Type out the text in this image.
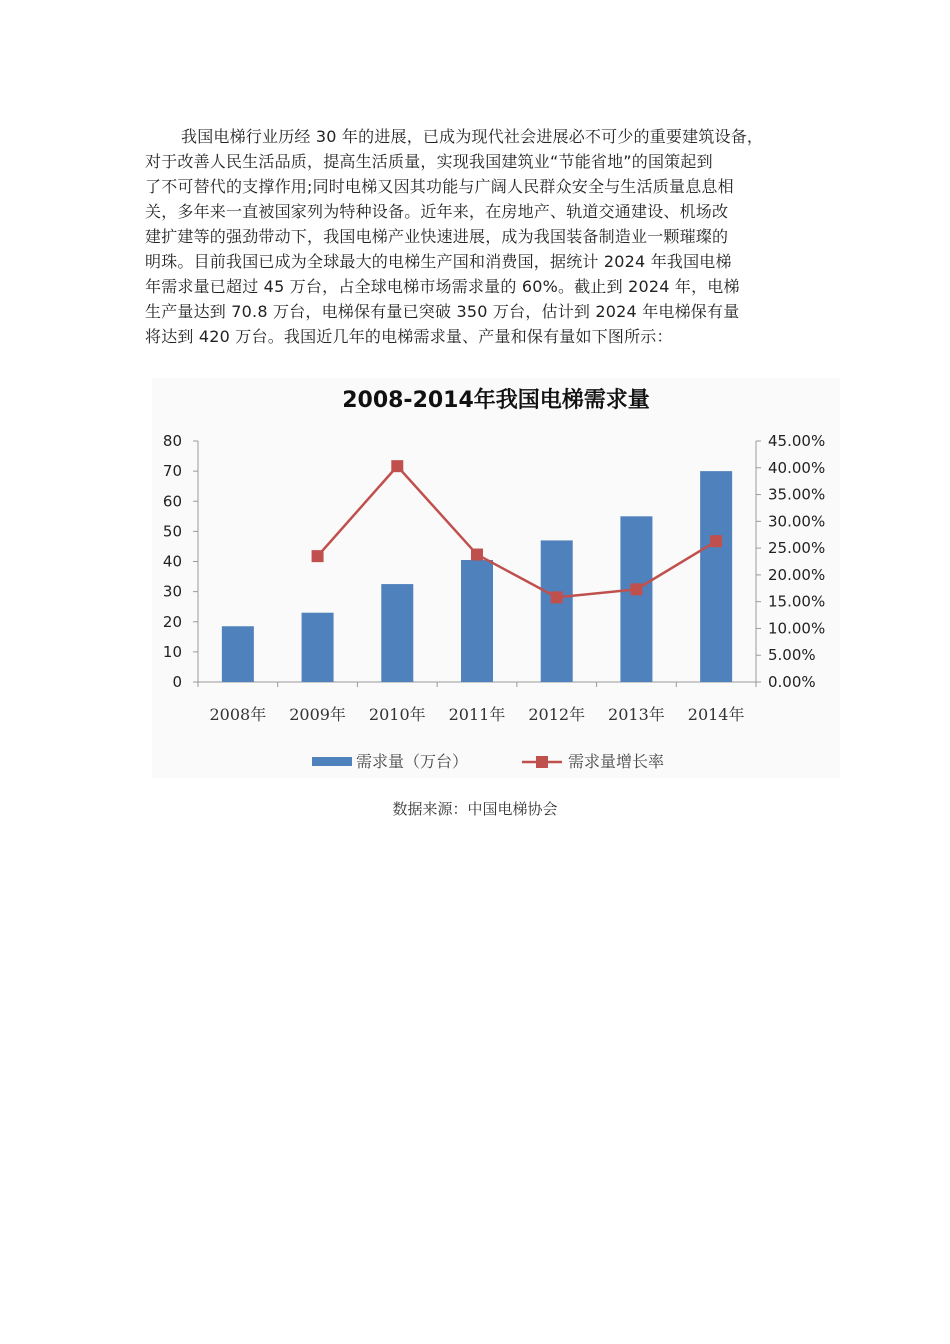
我国电梯行业历经 30 年的进展，已成为现代社会进展必不可少的重要建筑设备，
对于改善人民生活品质，提高生活质量，实现我国建筑业“节能省地”的国策起到
了不可替代的支撑作用;同时电梯又因其功能与广阔人民群众安全与生活质量息息相
关，多年来一直被国家列为特种设备。近年来，在房地产、轨道交通建设、机场改
建扩建等的强劲带动下，我国电梯产业快速进展，成为我国装备制造业一颗璀璨的
明珠。目前我国已成为全球最大的电梯生产国和消费国，据统计 2024 年我国电梯
年需求量已超过 45 万台，占全球电梯市场需求量的 60%。截止到 2024 年，电梯
生产量达到 70.8 万台，电梯保有量已突破 350 万台，估计到 2024 年电梯保有量
将达到 420 万台。我国近几年的电梯需求量、产量和保有量如下图所示：

2008-2014年我国电梯需求量
0
10
20
30
40
50
60
70
80
0.00%
5.00%
10.00%
15.00%
20.00%
25.00%
30.00%
35.00%
40.00%
45.00%
2008年 2009年 2010年 2011年 2012年 2013年 2014年
需求量（万台）	需求量增长率
数据来源：中国电梯协会
